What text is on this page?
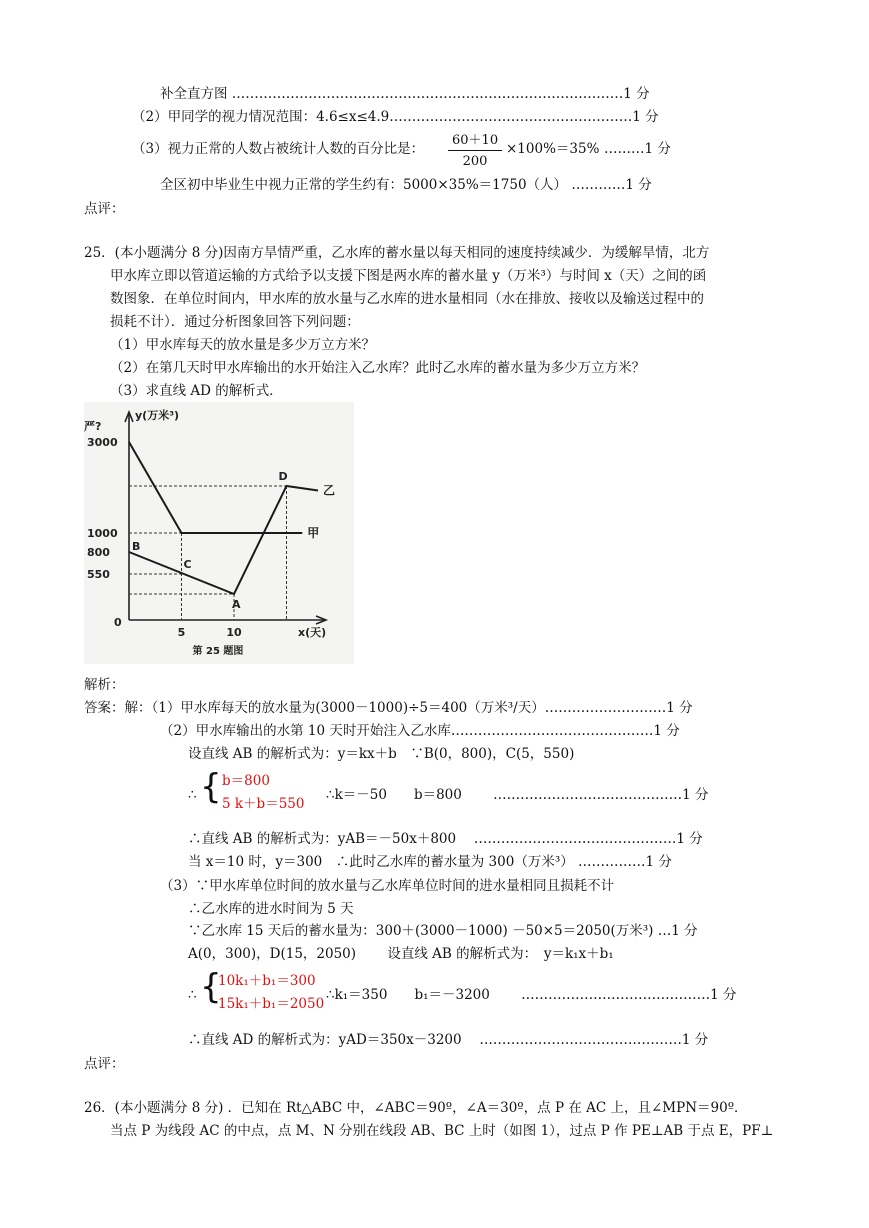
补全直方图 ……………………………………………………………………………1 分
（2）甲同学的视力情况范围：4.6≤x≤4.9………………………………………………1 分
（3）视力正常的人数占被统计人数的百分比是： $\frac{60+10}{200} \times 100\%=35\%$ ………1 分
全区初中毕业生中视力正常的学生约有：5000×35%＝1750（人） …………1 分
点评：
25．(本小题满分 8 分)因南方旱情严重，乙水库的蓄水量以每天相同的速度持续减少．为缓解旱情，北方
甲水库立即以管道运输的方式给予以支援下图是两水库的蓄水量 y（万米³）与时间 x（天）之间的函
数图象．在单位时间内，甲水库的放水量与乙水库的进水量相同（水在排放、接收以及输送过程中的
损耗不计）．通过分析图象回答下列问题：
（1）甲水库每天的放水量是多少万立方米？
（2）在第几天时甲水库输出的水开始注入乙水库？此时乙水库的蓄水量为多少万立方米？
（3）求直线 AD 的解析式．
甲
乙
B
C
A
D
3000
1000
800
550
0
5	10
y(万米³)
x(天)
严?
第 25 题图
解析：
答案：解：（1）甲水库每天的放水量为(3000－1000)÷5＝400（万米³/天）………………………1 分
（2）甲水库输出的水第 10 天时开始注入乙水库………………………………………1 分
设直线 AB 的解析式为：y＝kx＋b　∵B(0，800)，C(5，550)
∴ { b＝800
5 k＋b＝550
∴k＝－50　　b＝800　　 ……………………………………1 分
∴直线 AB 的解析式为：yAB＝－50x＋800　 ………………………………………1 分
当 x＝10 时，y＝300　∴此时乙水库的蓄水量为 300（万米³） ……………1 分
（3）∵甲水库单位时间的放水量与乙水库单位时间的进水量相同且损耗不计
∴乙水库的进水时间为 5 天
∵乙水库 15 天后的蓄水量为：300＋(3000－1000) －50×5＝2050(万米³) …1 分
A(0，300)，D(15，2050)　　 设直线 AB 的解析式为：　y＝k₁x＋b₁
∴ {
10k₁＋b₁＝300
15k₁＋b₁＝2050
∴k₁＝350　　b₁＝－3200　　 ……………………………………1 分
∴直线 AD 的解析式为：yAD＝350x－3200　 ………………………………………1 分
点评：
26．(本小题满分 8 分) ．已知在 Rt△ABC 中，∠ABC＝90º，∠A＝30º，点 P 在 AC 上，且∠MPN＝90º．
当点 P 为线段 AC 的中点，点 M、N 分别在线段 AB、BC 上时（如图 1），过点 P 作 PE⊥AB 于点 E，PF⊥
